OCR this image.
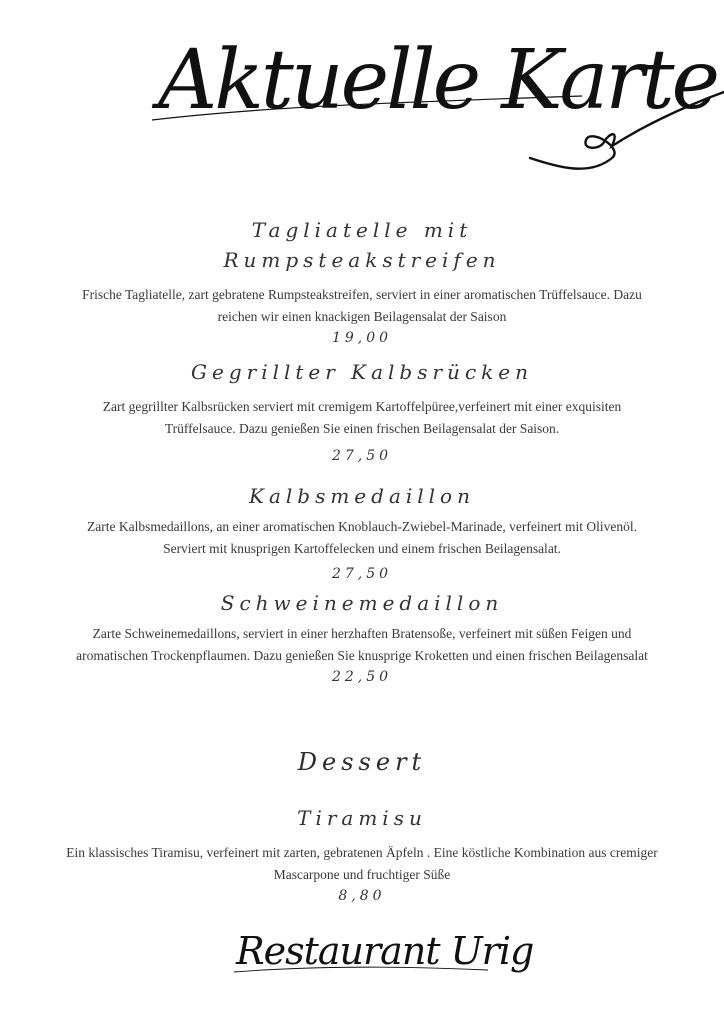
Aktuelle Karte

Tagliatelle mit

Rumpsteakstreifen

Frische Tagliatelle, zart gebratene Rumpsteakstreifen, serviert in einer aromatischen Trüffelsauce. Dazu reichen wir einen knackigen Beilagensalat der Saison

19,00

Gegrillter Kalbsrücken

Zart gegrillter Kalbsrücken serviert mit cremigem Kartoffelpüree,verfeinert mit einer exquisiten Trüffelsauce. Dazu genießen Sie einen frischen Beilagensalat der Saison.

27,50

Kalbsmedaillon

Zarte Kalbsmedaillons, an einer aromatischen Knoblauch-Zwiebel-Marinade, verfeinert mit Olivenöl. Serviert mit knusprigen Kartoffelecken und einem frischen Beilagensalat.

27,50

Schweinemedaillon

Zarte Schweinemedaillons, serviert in einer herzhaften Bratensoße, verfeinert mit süßen Feigen und aromatischen Trockenpflaumen. Dazu genießen Sie knusprige Kroketten und einen frischen Beilagensalat

22,50

Dessert

Tiramisu

Ein klassisches Tiramisu, verfeinert mit zarten, gebratenen Äpfeln . Eine köstliche Kombination aus cremiger Mascarpone und fruchtiger Süße

8,80

Restaurant Urig
